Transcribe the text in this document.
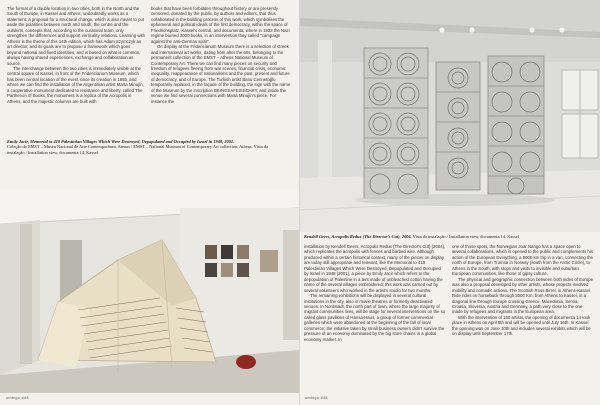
The format of a double location in two cities, both in the North and the South of Europe, in Kassel and Athens, undoubtedly works as a statement: a proposal for a structural change, which is also meant to put aside the polarities between north and south, the centre and the outskirts, concepts that, according to the curatorial team, only strengthen the differences and support verticality relations. Learning with Athens is the theme of this 14th edition, which has Adam Szymczyk as art director, and its goals are to propose a framework which goes beyond national and fixed identities, and is based on what is common, always having shared experiences, exchange and collaboration as source.

The interchange between the two cities is immediately visible at the central square of Kassel, in front of the Fridericianum Museum, which has been central location of the event since its creation in 1955, and where we can find the installation of the Argentinian artist Marta Minujín, a cooperative monument dedicated to resistance and liberty, called The Parthenon of Books, the monument is a replica of the Acropolis in Athens, and the majestic columns are built with

books that have been forbidden throughout history or are presently censored, donated by the public, by authors and editors, that thus collaborated in the building process of this work, which symbolises the ephemeral and political ideals of the first democracy, within the space of Friedrichsplatz, Kassel's central, and documenta, where in 1933 the Nazi regime burned 2000 books, in an intervention they called "campaign against the anti-German spirit".

On display at the Fridericianum Museum there is a selection of Greek and international art works, dating from after the 60s, belonging to the permanent collection of the EMST – Athens National Museum of Contemporary Art. There we can find many pieces on security and freedom of refugees fleeing from war scenes, financial crisis, economic inequality, reappearance of nationalisms and the past, present and future of democracy, and of Europe. The Turkish artist Banu Cennetoğlu temporarily replaced, in the façade of the building, the sign with the name of the Museum by the inscription BEINGSAFEISSCARY, and inside the venue we find several connections with Marta Minujín's piece. For instance the

Emily Jacir, Memorial to 418 Palestinian Villages Which Were Destroyed, Depopulated and Occupied by Israel in 1948, 2001.
Coleção do EMST – Museu Nacional de Arte Contemporânea, Atenas / EMST – National Museum of Contemporary Art collection, Athens. Vista da instalação / Installation view, documenta 14, Kassel
umbigo #48
Kendell Geers, Acropolis Redux (The Director's Cut), 2004. Vista da instalação / Installation view, documenta 14, Kassel

installation by Kendell Geers, Acropolis Redux (The Director's Cut) (2004), which replicates the acropolis with fences and barbed wire. Although produced within a certain historical context, many of the pieces on display are today still appropriate and relevant, like the Memorial to 418 Palestinian Villages Which Were Destroyed, Depopulated and Occupied by Israel in 1948 (2001), a piece by Emily Jacir which refers to the depopulation of Palestine in a tent made of unbleached cotton having the name of the several villages embroidered; this work was carried out by several volunteers who worked in the artist's studio for two months.

The remaining exhibitions will be displayed in several cultural institutions in the city, also in movie theatres or formerly deactivated venues. In Nordstadt, the north part of town, where the large majority of migrant communities lives, will be stage for several interventions on the so called glass pavilions of Hansa-Haus, a group of former commercial galleries which were abandoned at the beginning of the fall of local commerce; the initiative taken by small business owners didn't survive the pressure of an economy dominated by the big store chains in a global economy market. In

one of those spots, the Norwegian Joar Nango has a space open to several collaborations, which is opened to the public and complements his action of the European Everything, a 9000 km trip in a van, connecting the north of Europe, from Tromsø in Norway (south from the Arctic Circle), to Athens in the South, with stops and visits to invisible and suburban European communities, like those of gipsy culture.

The physical and geographic connection between both sides of Europe was also a proposal developed by other artists, whose projects involved mobility and nomadic actions. The Scottish Ross Birrel, in Athens-Kassel Ride rides on horseback through 3000 Km, from Athens to Kassel, in a diagonal line through Europe crossing Greece, Macedonia, Servia, Croatia, Slovenia, Austria and Germany, a path very close to the one made by refugees and migrants in the European area.

With the intervention of 160 artists, the opening of documenta 14 took place in Athens on April 8th and will be opened until July 16th. In Kassel the opening was on June 10th and includes several exhibits which will be on display until September 17th.

umbigo #48
